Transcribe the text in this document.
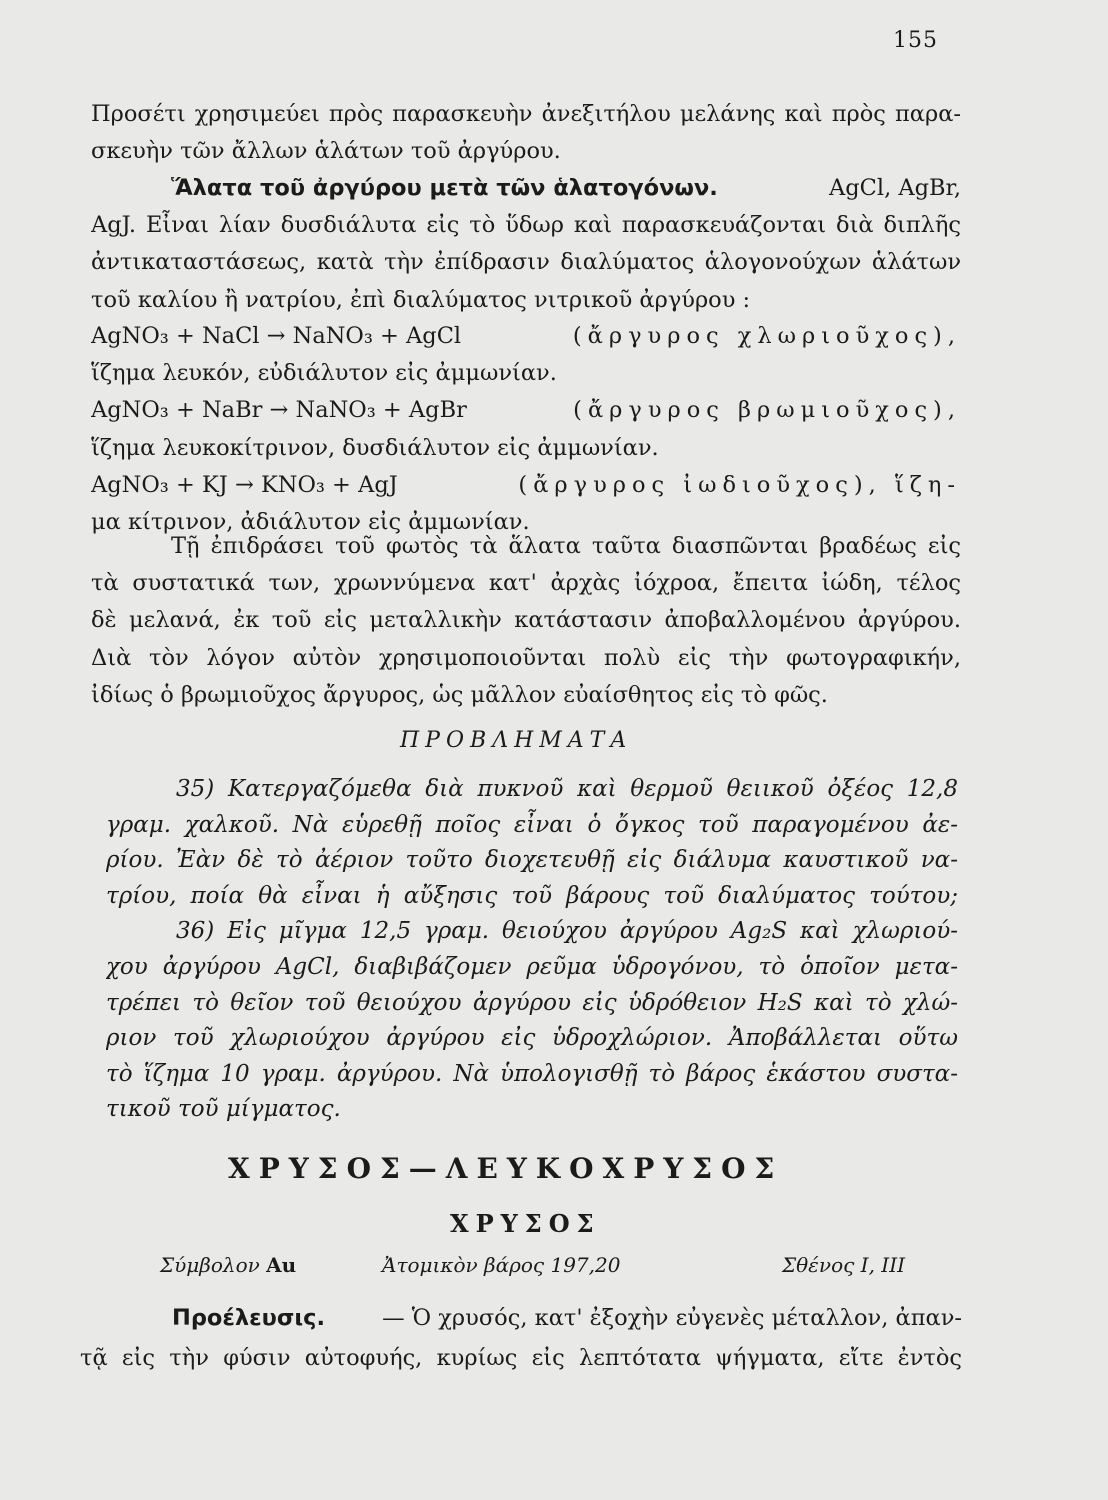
155
Προσέτι χρησιμεύει πρὸς παρασκευὴν ἀνεξιτήλου μελάνης καὶ πρὸς παρα-
σκευὴν τῶν ἄλλων ἁλάτων τοῦ ἀργύρου.
Ἅλατα τοῦ ἀργύρου μετὰ τῶν ἁλατογόνων.	AgCl, AgBr,
AgJ. Εἶναι λίαν δυσδιάλυτα εἰς τὸ ὕδωρ καὶ παρασκευάζονται διὰ διπλῆς
ἀντικαταστάσεως, κατὰ τὴν ἐπίδρασιν διαλύματος ἁλογονούχων ἁλάτων
τοῦ καλίου ἢ νατρίου, ἐπὶ διαλύματος νιτρικοῦ ἀργύρου :
AgNO₃ + NaCl → NaNO₃ + AgCl	(ἄργυρος χλωριοῦχος),
ἵζημα λευκόν, εὐδιάλυτον εἰς ἀμμωνίαν.
AgNO₃ + NaBr → NaNO₃ + AgBr	(ἄργυρος βρωμιοῦχος),
ἵζημα λευκοκίτρινον, δυσδιάλυτον εἰς ἀμμωνίαν.
AgNO₃ + KJ → KNO₃ + AgJ	(ἄργυρος ἰωδιοῦχος), ἵζη-
μα κίτρινον, ἀδιάλυτον εἰς ἀμμωνίαν.
Τῇ ἐπιδράσει τοῦ φωτὸς τὰ ἅλατα ταῦτα διασπῶνται βραδέως εἰς
τὰ συστατικά των, χρωννύμενα κατ' ἀρχὰς ἰόχροα, ἔπειτα ἰώδη, τέλος
δὲ μελανά, ἐκ τοῦ εἰς μεταλλικὴν κατάστασιν ἀποβαλλομένου ἀργύρου.
Διὰ τὸν λόγον αὐτὸν χρησιμοποιοῦνται πολὺ εἰς τὴν φωτογραφικήν,
ἰδίως ὁ βρωμιοῦχος ἄργυρος, ὡς μᾶλλον εὐαίσθητος εἰς τὸ φῶς.
ΠΡΟΒΛΗΜΑΤΑ
35) Κατεργαζόμεθα διὰ πυκνοῦ καὶ θερμοῦ θειικοῦ ὀξέος 12,8
γραμ. χαλκοῦ. Νὰ εὑρεθῇ ποῖος εἶναι ὁ ὄγκος τοῦ παραγομένου ἀε-
ρίου. Ἐὰν δὲ τὸ ἀέριον τοῦτο διοχετευθῇ εἰς διάλυμα καυστικοῦ να-
τρίου, ποία θὰ εἶναι ἡ αὔξησις τοῦ βάρους τοῦ διαλύματος τούτου;
36) Εἰς μῖγμα 12,5 γραμ. θειούχου ἀργύρου Ag₂S καὶ χλωριού-
χου ἀργύρου AgCl, διαβιβάζομεν ρεῦμα ὑδρογόνου, τὸ ὁποῖον μετα-
τρέπει τὸ θεῖον τοῦ θειούχου ἀργύρου εἰς ὑδρόθειον H₂S καὶ τὸ χλώ-
ριον τοῦ χλωριούχου ἀργύρου εἰς ὑδροχλώριον. Ἀποβάλλεται οὕτω
τὸ ἵζημα 10 γραμ. ἀργύρου. Νὰ ὑπολογισθῇ τὸ βάρος ἑκάστου συστα-
τικοῦ τοῦ μίγματος.
ΧΡΥΣΟΣ—ΛΕΥΚΟΧΡΥΣΟΣ
ΧΡΥΣΟΣ
Σύμβολον Au	Ἀτομικὸν βάρος 197,20	Σθένος I, III
Προέλευσις.	— Ὁ χρυσός, κατ' ἐξοχὴν εὐγενὲς μέταλλον, ἀπαν-
τᾷ εἰς τὴν φύσιν αὐτοφυής, κυρίως εἰς λεπτότατα ψήγματα, εἴτε ἐντὸς
